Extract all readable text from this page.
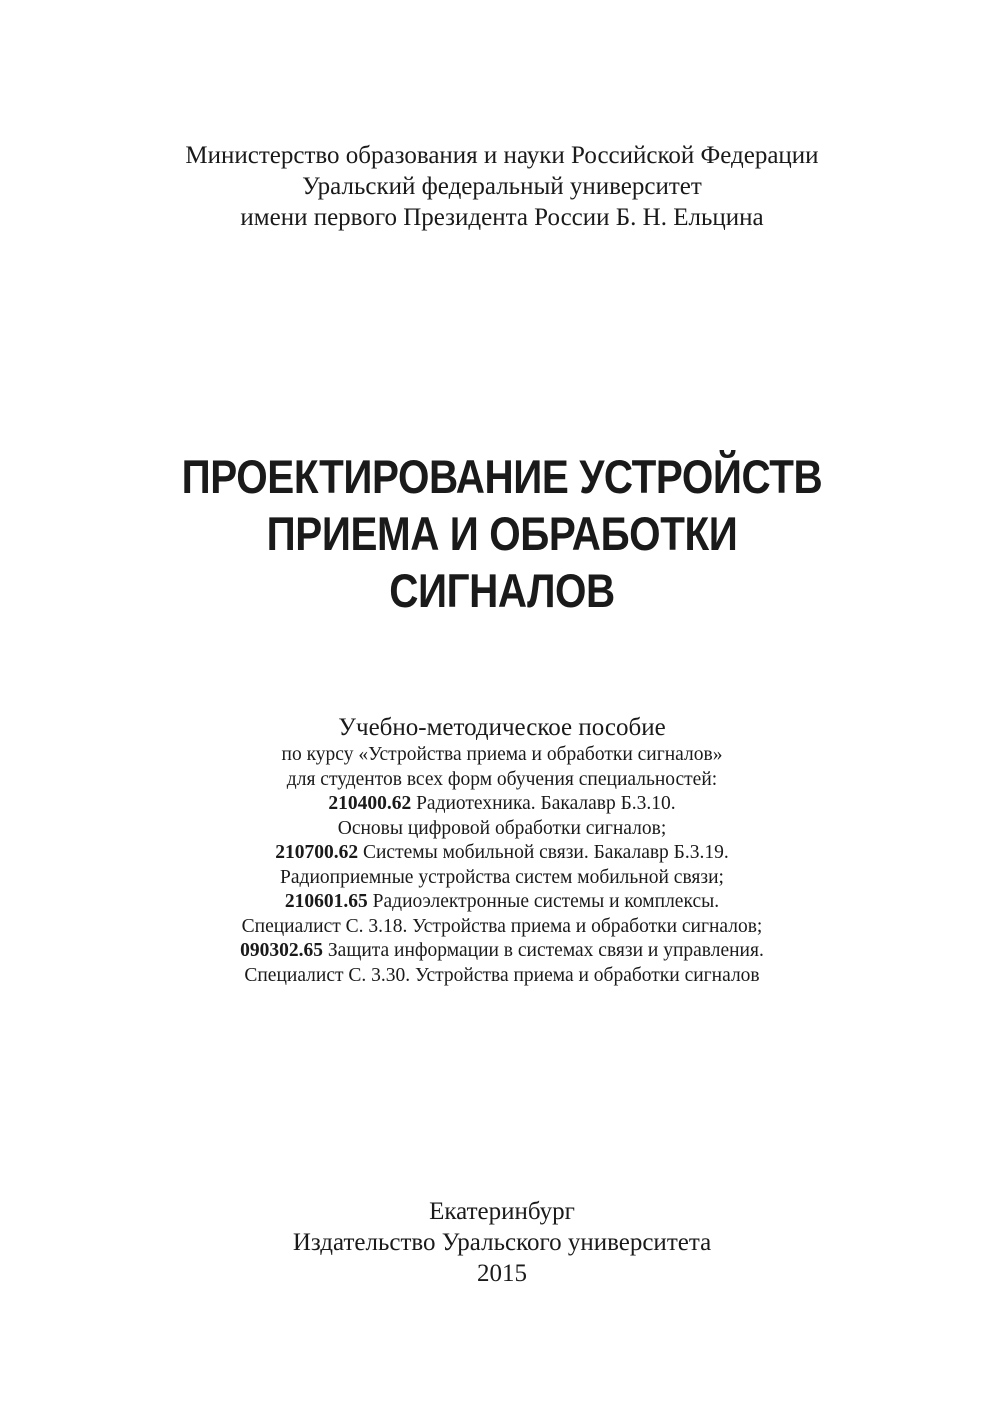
Министерство образования и науки Российской Федерации
Уральский федеральный университет
имени первого Президента России Б. Н. Ельцина
ПРОЕКТИРОВАНИЕ УСТРОЙСТВ
ПРИЕМА И ОБРАБОТКИ
СИГНАЛОВ
Учебно-методическое пособие
по курсу «Устройства приема и обработки сигналов»
для студентов всех форм обучения специальностей:
210400.62 Радиотехника. Бакалавр Б.3.10.
Основы цифровой обработки сигналов;
210700.62 Системы мобильной связи. Бакалавр Б.3.19.
Радиоприемные устройства систем мобильной связи;
210601.65 Радиоэлектронные системы и комплексы.
Специалист С. 3.18. Устройства приема и обработки сигналов;
090302.65 Защита информации в системах связи и управления.
Специалист С. 3.30. Устройства приема и обработки сигналов
Екатеринбург
Издательство Уральского университета
2015
